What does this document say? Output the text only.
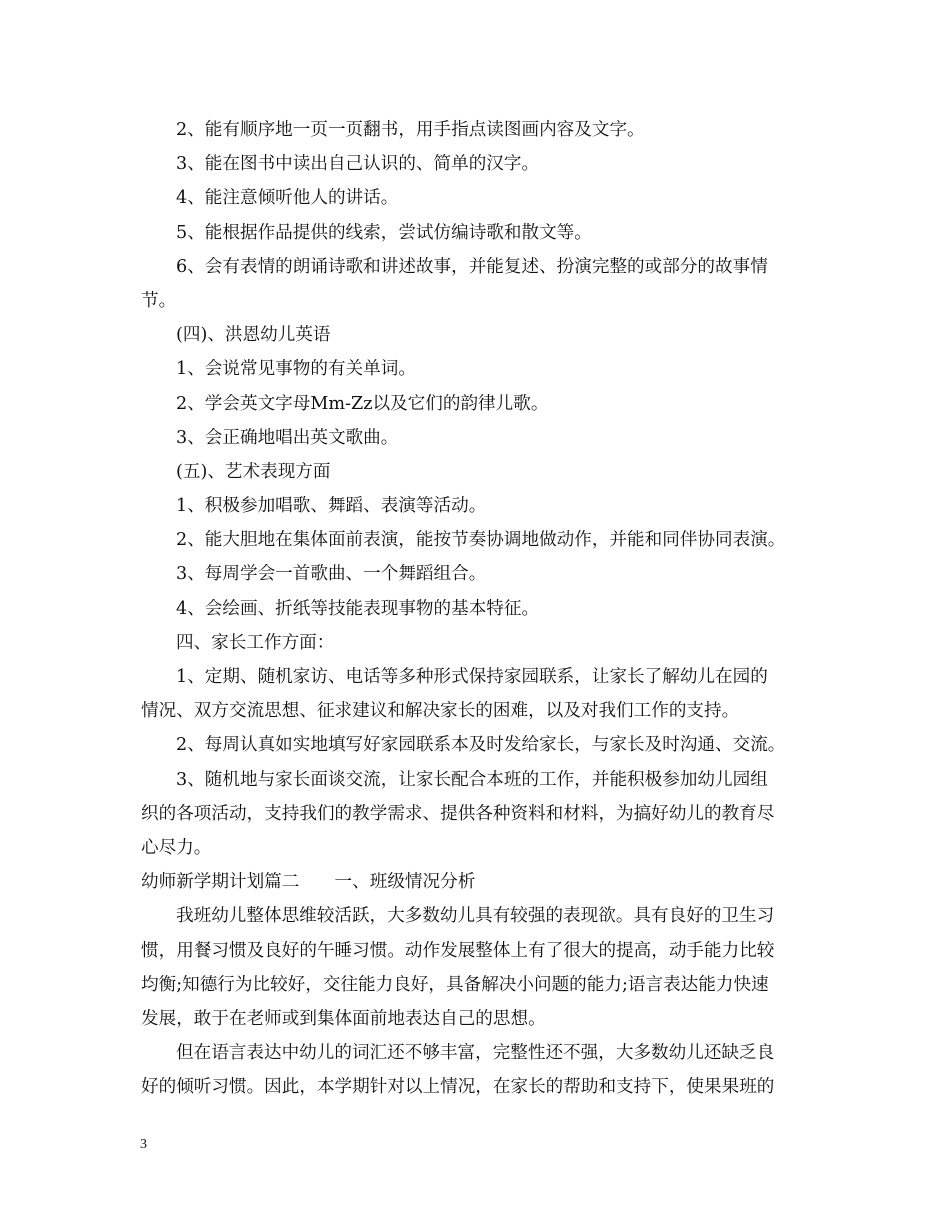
2、能有顺序地一页一页翻书，用手指点读图画内容及文字。
3、能在图书中读出自己认识的、简单的汉字。
4、能注意倾听他人的讲话。
5、能根据作品提供的线索，尝试仿编诗歌和散文等。
6、会有表情的朗诵诗歌和讲述故事，并能复述、扮演完整的或部分的故事情
节。
(四)、洪恩幼儿英语
1、会说常见事物的有关单词。
2、学会英文字母Mm-Zz以及它们的韵律儿歌。
3、会正确地唱出英文歌曲。
(五)、艺术表现方面
1、积极参加唱歌、舞蹈、表演等活动。
2、能大胆地在集体面前表演，能按节奏协调地做动作，并能和同伴协同表演。
3、每周学会一首歌曲、一个舞蹈组合。
4、会绘画、折纸等技能表现事物的基本特征。
四、家长工作方面：
1、定期、随机家访、电话等多种形式保持家园联系，让家长了解幼儿在园的
情况、双方交流思想、征求建议和解决家长的困难，以及对我们工作的支持。
2、每周认真如实地填写好家园联系本及时发给家长，与家长及时沟通、交流。
3、随机地与家长面谈交流，让家长配合本班的工作，并能积极参加幼儿园组
织的各项活动，支持我们的教学需求、提供各种资料和材料，为搞好幼儿的教育尽
心尽力。
幼师新学期计划篇二　　一、班级情况分析
我班幼儿整体思维较活跃，大多数幼儿具有较强的表现欲。具有良好的卫生习
惯，用餐习惯及良好的午睡习惯。动作发展整体上有了很大的提高，动手能力比较
均衡;知德行为比较好，交往能力良好，具备解决小问题的能力;语言表达能力快速
发展，敢于在老师或到集体面前地表达自己的思想。
但在语言表达中幼儿的词汇还不够丰富，完整性还不强，大多数幼儿还缺乏良
好的倾听习惯。因此，本学期针对以上情况，在家长的帮助和支持下，使果果班的
3
